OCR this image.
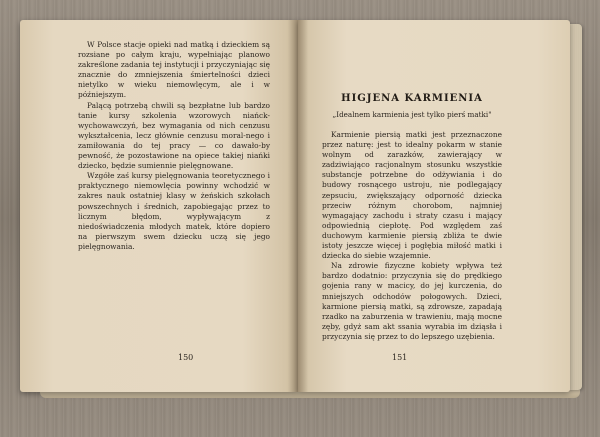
W Polsce stacje opieki nad matką i dzieckiem są rozsiane po całym kraju, wypełniając planowo zakreślone zadania tej instytucji i przyczyniając się znacznie do zmniejszenia śmiertelności dzieci nietylko w wieku niemowlęcym, ale i w późniejszym.

Palącą potrzebą chwili są bezpłatne lub bardzo tanie kursy szkolenia wzorowych niańck-wychowawczyń, bez wymagania od nich cenzusu wykształcenia, lecz głównie cenzusu moral-nego i zamiłowania do tej pracy — co dawało-by pewność, że pozostawione na opiece takiej niańki dziecko, będzie sumiennie pielęgnowane.

Wzgółe zaś kursy pielęgnowania teoretycznego i praktycznego niemowlęcia powinny wchodzić w zakres nauk ostatniej klasy w żeńskich szkołach powszechnych i średnich, zapobiegając przez to licznym błędom, wypływającym z niedoświadczenia młodych matek, które dopiero na pierwszym swem dziecku uczą się jego pielęgnowania.

150
HIGJENA KARMIENIA
„Idealnem karmienia jest tylko pierś matki"

Karmienie piersią matki jest przeznaczone przez naturę: jest to idealny pokarm w stanie wolnym od zarazków, zawierający w zadziwiająco racjonalnym stosunku wszystkie substancje potrzebne do odżywiania i do budowy rosnącego ustroju, nie podlegający zepsuciu, zwiększający odporność dziecka przeciw różnym chorobom, najmniej wymagający zachodu i straty czasu i mający odpowiednią ciepłotę. Pod względem zaś duchowym karmienie piersią zbliża te dwie istoty jeszcze więcej i pogłębia miłość matki i dziecka do siebie wzajemnie.

Na zdrowie fizyczne kobiety wpływa też bardzo dodatnio: przyczynia się do prędkiego gojenia rany w macicy, do jej kurczenia, do mniejszych odchodów połogowych. Dzieci, karmione piersią matki, są zdrowsze, zapadają rzadko na zaburzenia w trawieniu, mają mocne zęby, gdyż sam akt ssania wyrabia im dziąsła i przyczynia się przez to do lepszego uzębienia.

151
